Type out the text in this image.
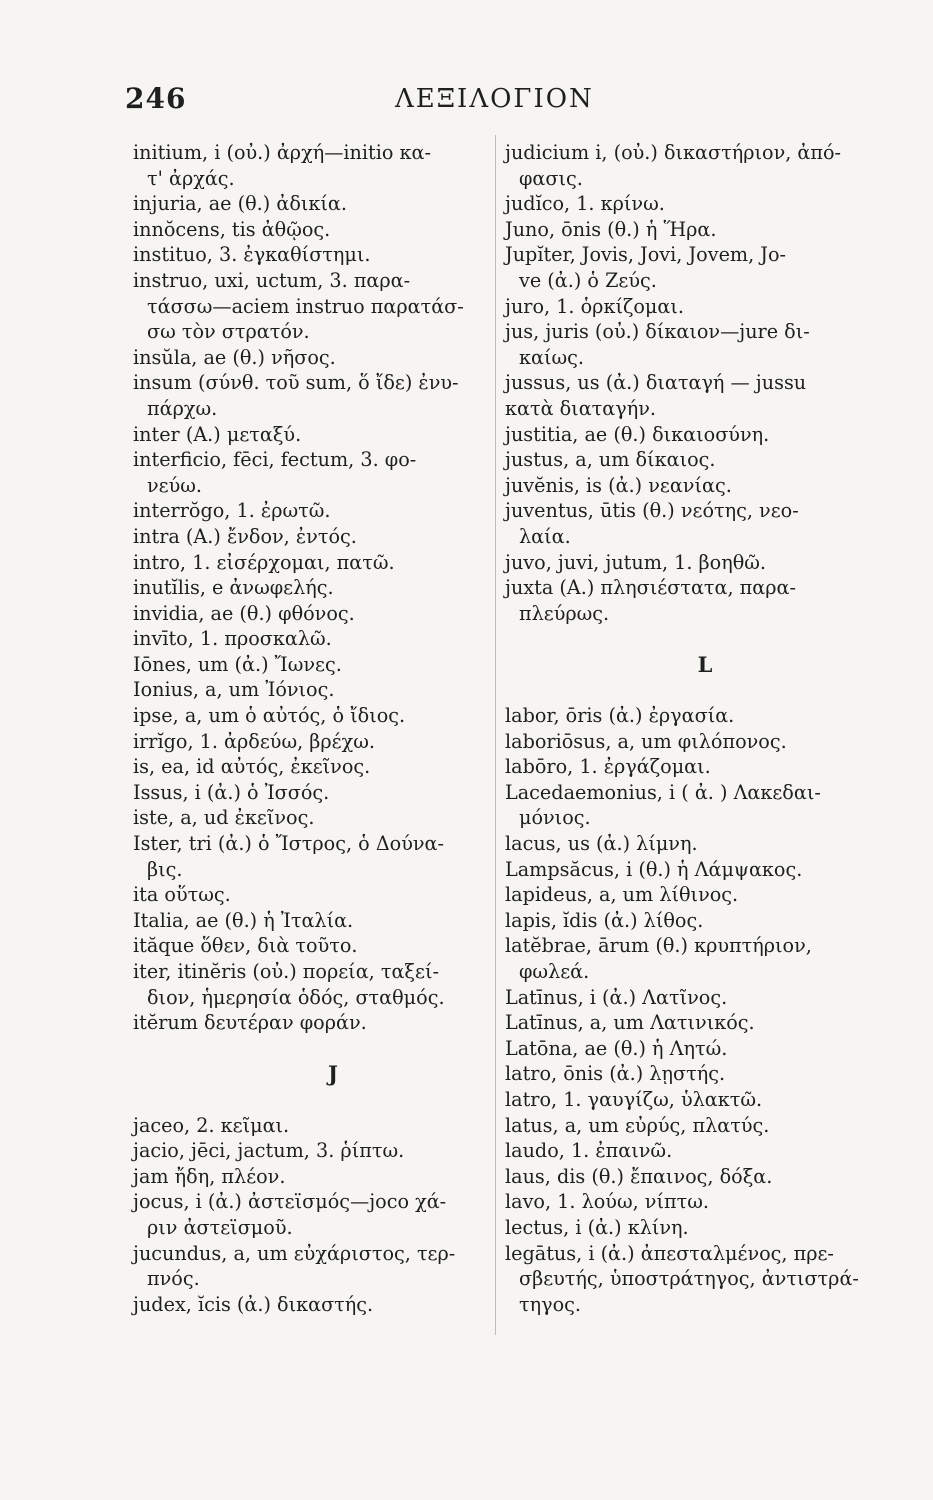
246	ΛΕΞΙΛΟΓΙΟΝ
initium, i (οὐ.) ἀρχή—initio κα-
τ' ἀρχάς.
injuria, ae (θ.) ἀδικία.
innŏcens, tis ἀθῷος.
instituo, 3. ἐγκαθίστημι.
instruo, uxi, uctum, 3. παρα-
τάσσω—aciem instruo παρατάσ-
σω τὸν στρατόν.
insŭla, ae (θ.) νῆσος.
insum (σύνθ. τοῦ sum, ὅ ἴδε) ἐνυ-
πάρχω.
inter (Α.) μεταξύ.
interficio, fēci, fectum, 3. φο-
νεύω.
interrŏgo, 1. ἐρωτῶ.
intra (Α.) ἔνδον, ἐντός.
intro, 1. εἰσέρχομαι, πατῶ.
inutĭlis, e ἀνωφελής.
invidia, ae (θ.) φθόνος.
invīto, 1. προσκαλῶ.
Iōnes, um (ἀ.) Ἴωνες.
Ionius, a, um Ἰόνιος.
ipse, a, um ὁ αὐτός, ὁ ἴδιος.
irrĭgo, 1. ἀρδεύω, βρέχω.
is, ea, id αὐτός, ἐκεῖνος.
Issus, i (ἀ.) ὁ Ἰσσός.
iste, a, ud ἐκεῖνος.
Ister, tri (ἀ.) ὁ Ἴστρος, ὁ Δούνα-
βις.
ita οὕτως.
Italia, ae (θ.) ἡ Ἰταλία.
ităque ὅθεν, διὰ τοῦτο.
iter, itinĕris (οὐ.) πορεία, ταξεί-
διον, ἡμερησία ὁδός, σταθμός.
itĕrum δευτέραν φοράν.
J
jaceo, 2. κεῖμαι.
jacio, jēci, jactum, 3. ῥίπτω.
jam ἤδη, πλέον.
jocus, i (ἀ.) ἀστεϊσμός—joco χά-
ριν ἀστεϊσμοῦ.
jucundus, a, um εὐχάριστος, τερ-
πνός.
judex, ĭcis (ἀ.) δικαστής.
judicium i, (οὐ.) δικαστήριον, ἀπό-
φασις.
judĭco, 1. κρίνω.
Juno, ōnis (θ.) ἡ Ἥρα.
Jupĭter, Jovis, Jovi, Jovem, Jo-
ve (ἀ.) ὁ Ζεύς.
juro, 1. ὁρκίζομαι.
jus, juris (οὐ.) δίκαιον—jure δι-
καίως.
jussus, us (ἀ.) διαταγή — jussu
κατὰ διαταγήν.
justitia, ae (θ.) δικαιοσύνη.
justus, a, um δίκαιος.
juvĕnis, is (ἀ.) νεανίας.
juventus, ūtis (θ.) νεότης, νεο-
λαία.
juvo, juvi, jutum, 1. βοηθῶ.
juxta (Α.) πλησιέστατα, παρα-
πλεύρως.
L
labor, ōris (ἀ.) ἐργασία.
laboriōsus, a, um φιλόπονος.
labōro, 1. ἐργάζομαι.
Lacedaemonius, i ( ἀ. ) Λακεδαι-
μόνιος.
lacus, us (ἀ.) λίμνη.
Lampsăcus, i (θ.) ἡ Λάμψακος.
lapideus, a, um λίθινος.
lapis, ĭdis (ἀ.) λίθος.
latĕbrae, ārum (θ.) κρυπτήριον,
φωλεά.
Latīnus, i (ἀ.) Λατῖνος.
Latīnus, a, um Λατινικός.
Latōna, ae (θ.) ἡ Λητώ.
latro, ōnis (ἀ.) λῃστής.
latro, 1. γαυγίζω, ὑλακτῶ.
latus, a, um εὐρύς, πλατύς.
laudo, 1. ἐπαινῶ.
laus, dis (θ.) ἔπαινος, δόξα.
lavo, 1. λούω, νίπτω.
lectus, i (ἀ.) κλίνη.
legātus, i (ἀ.) ἀπεσταλμένος, πρε-
σβευτής, ὑποστράτηγος, ἀντιστρά-
τηγος.
